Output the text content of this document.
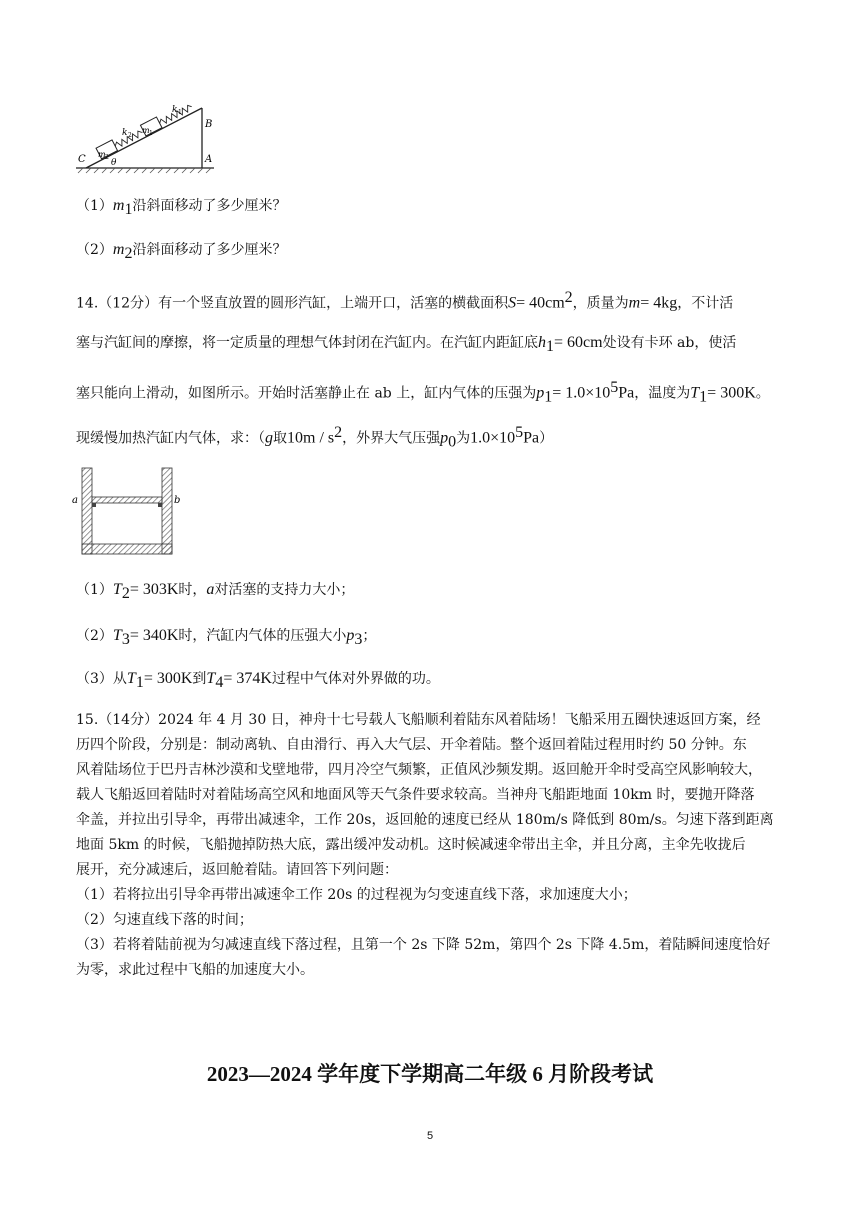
C
B
A
θ
m
m
k 2
k 1
2
1
$(1)m_1$沿斜面移动了多少厘米？
$(2)m_2$沿斜面移动了多少厘米？
14.（12分）有一个竖直放置的圆形汽缸，上端开口，活塞的横截面积$S= 40cm^2$，质量为m= 4kg，不计活
塞与汽缸间的摩擦，将一定质量的理想气体封闭在汽缸内。在汽缸内距缸底$h_1= 60cm$处设有卡环 ab，使活
塞只能向上滑动，如图所示。开始时活塞静止在 ab 上，缸内气体的压强为$p_1= 1.0\times 10^5Pa$，温度为$T_1= 300K$。
现缓慢加热汽缸内气体，求：（g取$10m / s^2$，外界大气压强$p_0$为$1.0\times 10^5Pa$）
a	b
$(1)T_2= 303K$时，a对活塞的支持力大小；
$(2)T_3= 340K$时，汽缸内气体的压强大小$p_3$；
（3）从$T_1= 300K$到$T_4= 374K$过程中气体对外界做的功。
15.（14分）2024 年 4 月 30 日，神舟十七号载人飞船顺利着陆东风着陆场！飞船采用五圈快速返回方案，经
历四个阶段，分别是：制动离轨、自由滑行、再入大气层、开伞着陆。整个返回着陆过程用时约 50 分钟。东
风着陆场位于巴丹吉林沙漠和戈壁地带，四月冷空气频繁，正值风沙频发期。返回舱开伞时受高空风影响较大，
载人飞船返回着陆时对着陆场高空风和地面风等天气条件要求较高。当神舟飞船距地面 10km 时，要抛开降落
伞盖，并拉出引导伞，再带出减速伞，工作 20s，返回舱的速度已经从 180m/s 降低到 80m/s。匀速下落到距离
地面 5km 的时候，飞船抛掉防热大底，露出缓冲发动机。这时候减速伞带出主伞，并且分离，主伞先收拢后
展开，充分减速后，返回舱着陆。请回答下列问题：
（1）若将拉出引导伞再带出减速伞工作 20s 的过程视为匀变速直线下落，求加速度大小；
（2）匀速直线下落的时间；
（3）若将着陆前视为匀减速直线下落过程，且第一个 2s 下降 52m，第四个 2s 下降 4.5m，着陆瞬间速度恰好
为零，求此过程中飞船的加速度大小。
2023—2024 学年度下学期高二年级 6 月阶段考试
5
